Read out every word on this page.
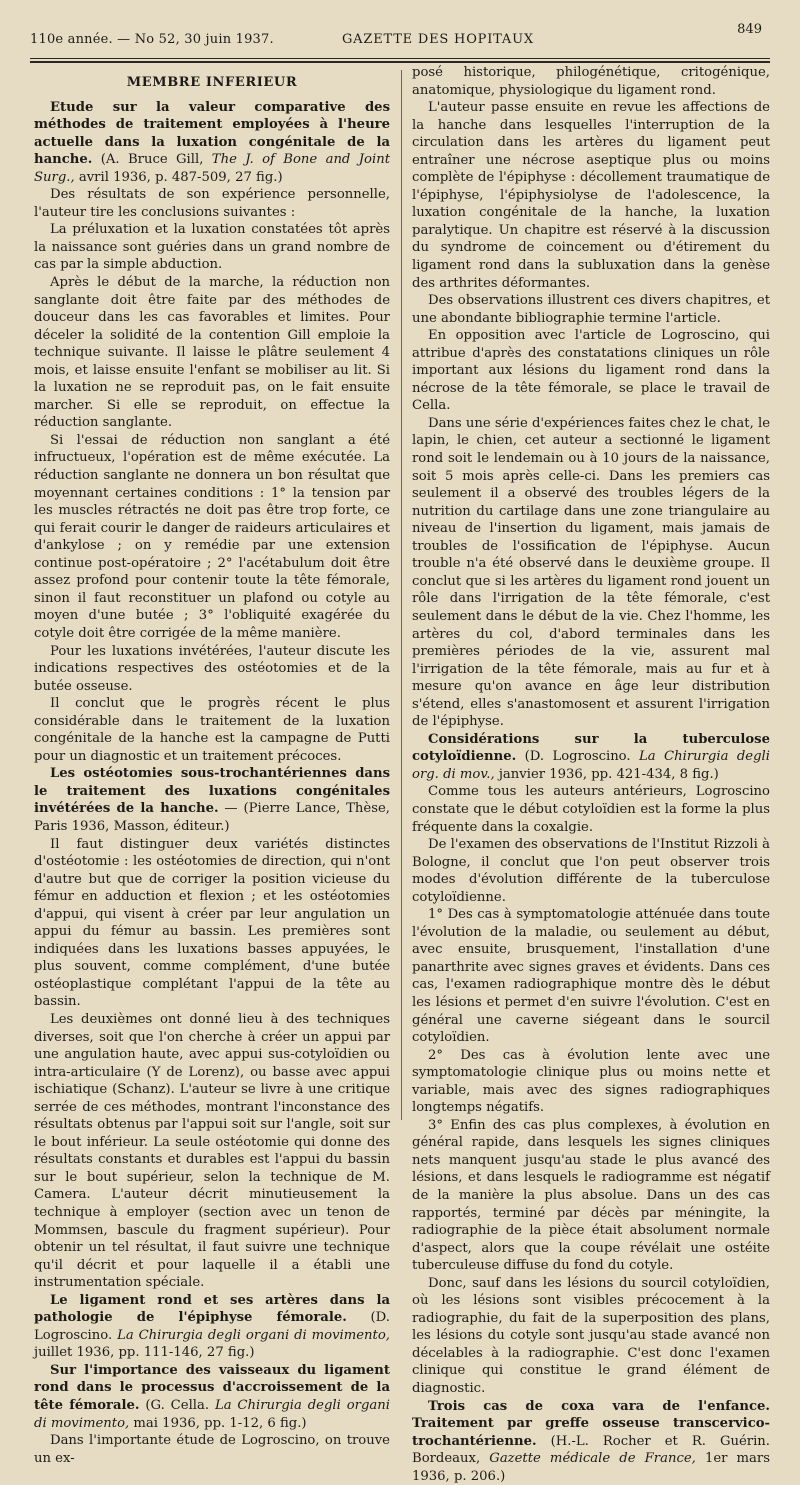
110e année. — No 52, 30 juin 1937.	GAZETTE DES HOPITAUX
849
MEMBRE INFERIEUR

Etude sur la valeur comparative des méthodes de traitement employées à l'heure actuelle dans la luxation congénitale de la hanche. (A. Bruce Gill, The J. of Bone and Joint Surg., avril 1936, p. 487-509, 27 fig.)

Des résultats de son expérience personnelle, l'auteur tire les conclusions suivantes :

La préluxation et la luxation constatées tôt après la naissance sont guéries dans un grand nombre de cas par la simple abduction.

Après le début de la marche, la réduction non sanglante doit être faite par des méthodes de douceur dans les cas favorables et limites. Pour déceler la solidité de la contention Gill emploie la technique suivante. Il laisse le plâtre seulement 4 mois, et laisse ensuite l'enfant se mobiliser au lit. Si la luxation ne se reproduit pas, on le fait ensuite marcher. Si elle se reproduit, on effectue la réduction sanglante.

Si l'essai de réduction non sanglant a été infructueux, l'opération est de même exécutée. La réduction sanglante ne donnera un bon résultat que moyennant certaines conditions : 1° la tension par les muscles rétractés ne doit pas être trop forte, ce qui ferait courir le danger de raideurs articulaires et d'ankylose ; on y remédie par une extension continue post-opératoire ; 2° l'acétabulum doit être assez profond pour contenir toute la tête fémorale, sinon il faut reconstituer un plafond ou cotyle au moyen d'une butée ; 3° l'obliquité exagérée du cotyle doit être corrigée de la même manière.

Pour les luxations invétérées, l'auteur discute les indications respectives des ostéotomies et de la butée osseuse.

Il conclut que le progrès récent le plus considérable dans le traitement de la luxation congénitale de la hanche est la campagne de Putti pour un diagnostic et un traitement précoces.

Les ostéotomies sous-trochantériennes dans le traitement des luxations congénitales invétérées de la hanche. — (Pierre Lance, Thèse, Paris 1936, Masson, éditeur.)

Il faut distinguer deux variétés distinctes d'ostéotomie : les ostéotomies de direction, qui n'ont d'autre but que de corriger la position vicieuse du fémur en adduction et flexion ; et les ostéotomies d'appui, qui visent à créer par leur angulation un appui du fémur au bassin. Les premières sont indiquées dans les luxations basses appuyées, le plus souvent, comme complément, d'une butée ostéoplastique complétant l'appui de la tête au bassin.

Les deuxièmes ont donné lieu à des techniques diverses, soit que l'on cherche à créer un appui par une angulation haute, avec appui sus-cotyloïdien ou intra-articulaire (Y de Lorenz), ou basse avec appui ischiatique (Schanz). L'auteur se livre à une critique serrée de ces méthodes, montrant l'inconstance des résultats obtenus par l'appui soit sur l'angle, soit sur le bout inférieur. La seule ostéotomie qui donne des résultats constants et durables est l'appui du bassin sur le bout supérieur, selon la technique de M. Camera. L'auteur décrit minutieusement la technique à employer (section avec un tenon de Mommsen, bascule du fragment supérieur). Pour obtenir un tel résultat, il faut suivre une technique qu'il décrit et pour laquelle il a établi une instrumentation spéciale.

Le ligament rond et ses artères dans la pathologie de l'épiphyse fémorale. (D. Logroscino. La Chirurgia degli organi di movimento, juillet 1936, pp. 111-146, 27 fig.)

Sur l'importance des vaisseaux du ligament rond dans le processus d'accroissement de la tête fémorale. (G. Cella. La Chirurgia degli organi di movimento, mai 1936, pp. 1-12, 6 fig.)

Dans l'importante étude de Logroscino, on trouve un ex-

posé historique, philogénétique, critogénique, anatomique, physiologique du ligament rond.

L'auteur passe ensuite en revue les affections de la hanche dans lesquelles l'interruption de la circulation dans les artères du ligament peut entraîner une nécrose aseptique plus ou moins complète de l'épiphyse : décollement traumatique de l'épiphyse, l'épiphysiolyse de l'adolescence, la luxation congénitale de la hanche, la luxation paralytique. Un chapitre est réservé à la discussion du syndrome de coincement ou d'étirement du ligament rond dans la subluxation dans la genèse des arthrites déformantes.

Des observations illustrent ces divers chapitres, et une abondante bibliographie termine l'article.

En opposition avec l'article de Logroscino, qui attribue d'après des constatations cliniques un rôle important aux lésions du ligament rond dans la nécrose de la tête fémorale, se place le travail de Cella.

Dans une série d'expériences faites chez le chat, le lapin, le chien, cet auteur a sectionné le ligament rond soit le lendemain ou à 10 jours de la naissance, soit 5 mois après celle-ci. Dans les premiers cas seulement il a observé des troubles légers de la nutrition du cartilage dans une zone triangulaire au niveau de l'insertion du ligament, mais jamais de troubles de l'ossification de l'épiphyse. Aucun trouble n'a été observé dans le deuxième groupe. Il conclut que si les artères du ligament rond jouent un rôle dans l'irrigation de la tête fémorale, c'est seulement dans le début de la vie. Chez l'homme, les artères du col, d'abord terminales dans les premières périodes de la vie, assurent mal l'irrigation de la tête fémorale, mais au fur et à mesure qu'on avance en âge leur distribution s'étend, elles s'anastomosent et assurent l'irrigation de l'épiphyse.

Considérations sur la tuberculose cotyloïdienne. (D. Logroscino. La Chirurgia degli org. di mov., janvier 1936, pp. 421-434, 8 fig.)

Comme tous les auteurs antérieurs, Logroscino constate que le début cotyloïdien est la forme la plus fréquente dans la coxalgie.

De l'examen des observations de l'Institut Rizzoli à Bologne, il conclut que l'on peut observer trois modes d'évolution différente de la tuberculose cotyloïdienne.

1° Des cas à symptomatologie atténuée dans toute l'évolution de la maladie, ou seulement au début, avec ensuite, brusquement, l'installation d'une panarthrite avec signes graves et évidents. Dans ces cas, l'examen radiographique montre dès le début les lésions et permet d'en suivre l'évolution. C'est en général une caverne siégeant dans le sourcil cotyloïdien.

2° Des cas à évolution lente avec une symptomatologie clinique plus ou moins nette et variable, mais avec des signes radiographiques longtemps négatifs.

3° Enfin des cas plus complexes, à évolution en général rapide, dans lesquels les signes cliniques nets manquent jusqu'au stade le plus avancé des lésions, et dans lesquels le radiogramme est négatif de la manière la plus absolue. Dans un des cas rapportés, terminé par décès par méningite, la radiographie de la pièce était absolument normale d'aspect, alors que la coupe révélait une ostéite tuberculeuse diffuse du fond du cotyle.

Donc, sauf dans les lésions du sourcil cotyloïdien, où les lésions sont visibles précocement à la radiographie, du fait de la superposition des plans, les lésions du cotyle sont jusqu'au stade avancé non décelables à la radiographie. C'est donc l'examen clinique qui constitue le grand élément de diagnostic.

Trois cas de coxa vara de l'enfance. Traitement par greffe osseuse transcervico-trochantérienne. (H.-L. Rocher et R. Guérin. Bordeaux, Gazette médicale de France, 1er mars 1936, p. 206.)
